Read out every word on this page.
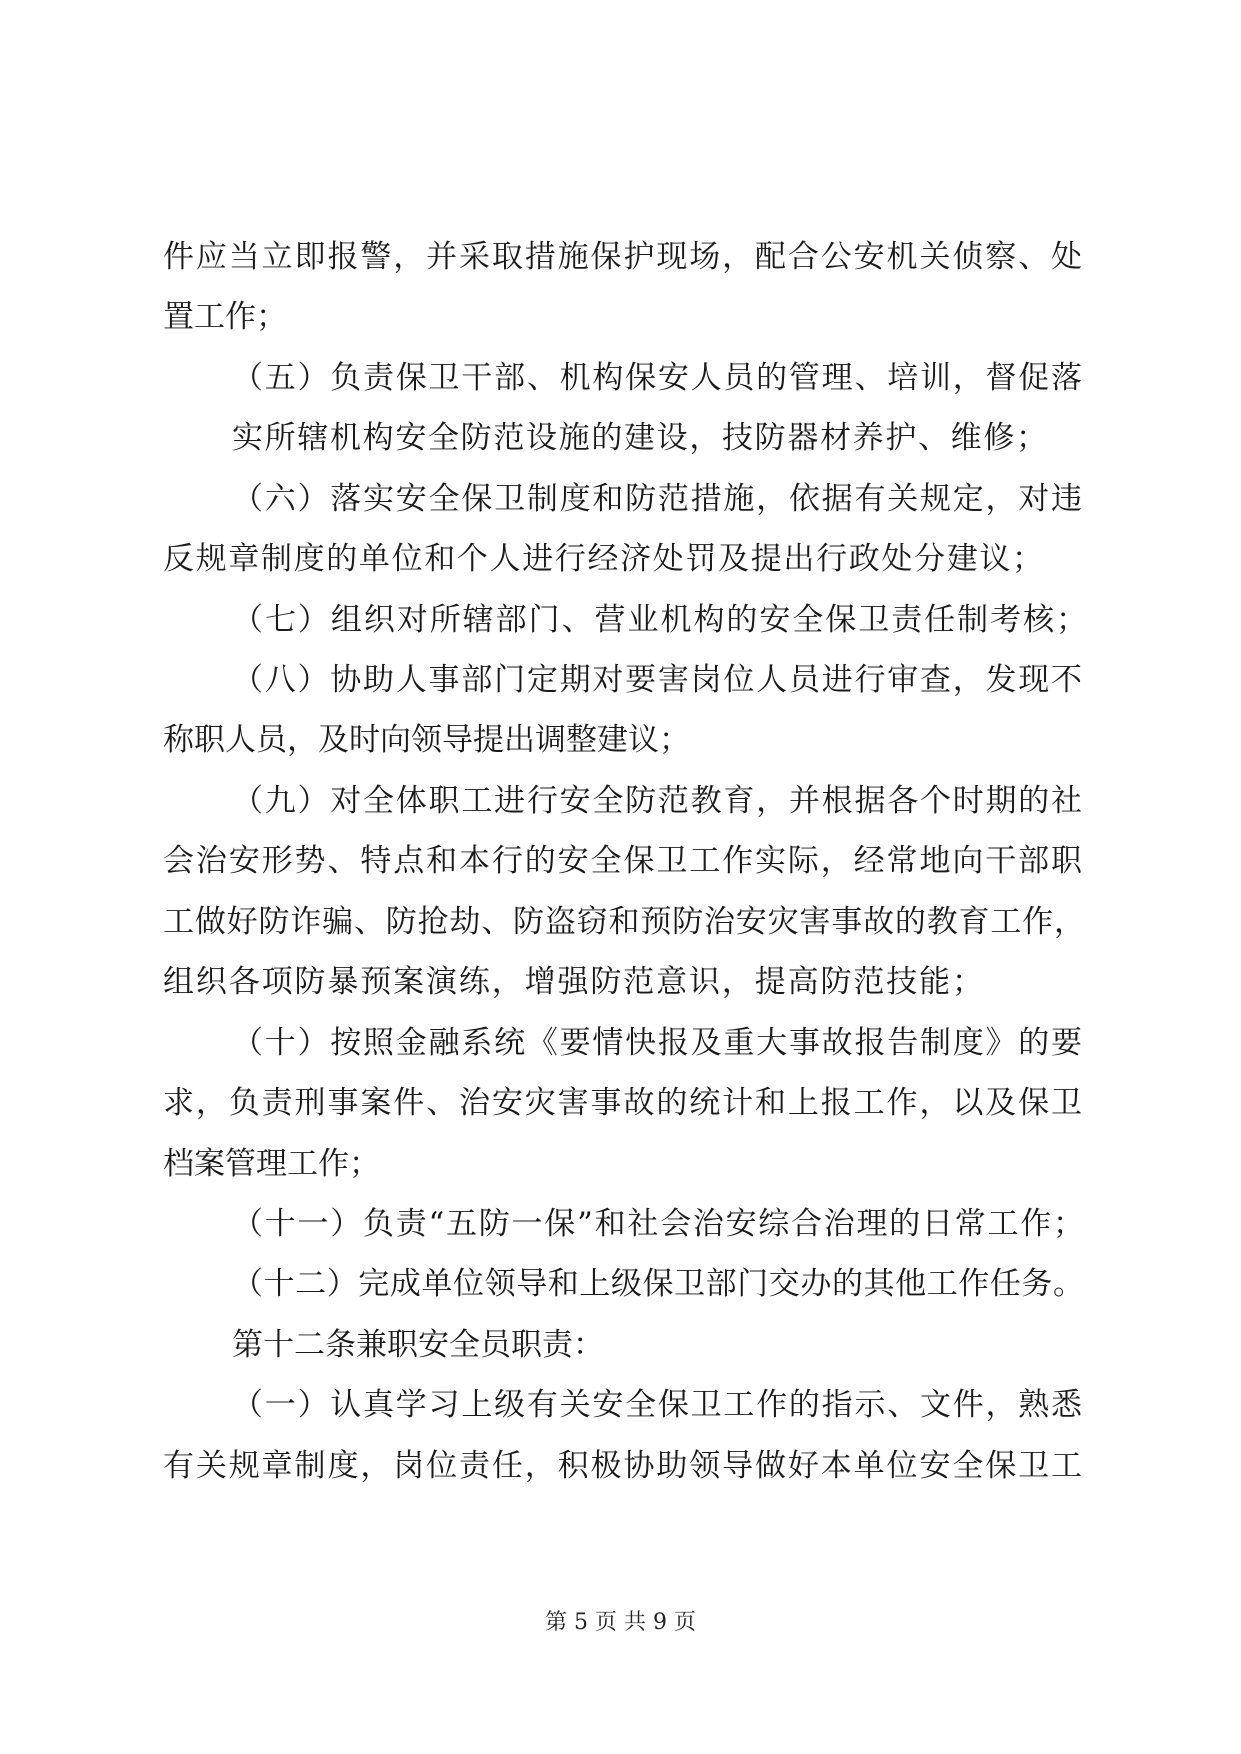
件应当立即报警，并采取措施保护现场，配合公安机关侦察、处
置工作；
（五）负责保卫干部、机构保安人员的管理、培训，督促落
实所辖机构安全防范设施的建设，技防器材养护、维修；
（六）落实安全保卫制度和防范措施，依据有关规定，对违
反规章制度的单位和个人进行经济处罚及提出行政处分建议；
（七）组织对所辖部门、营业机构的安全保卫责任制考核；
（八）协助人事部门定期对要害岗位人员进行审查，发现不
称职人员，及时向领导提出调整建议；
（九）对全体职工进行安全防范教育，并根据各个时期的社
会治安形势、特点和本行的安全保卫工作实际，经常地向干部职
工做好防诈骗、防抢劫、防盗窃和预防治安灾害事故的教育工作，
组织各项防暴预案演练，增强防范意识，提高防范技能；
（十）按照金融系统《要情快报及重大事故报告制度》的要
求，负责刑事案件、治安灾害事故的统计和上报工作，以及保卫
档案管理工作；
（十一）负责“五防一保”和社会治安综合治理的日常工作；
（十二）完成单位领导和上级保卫部门交办的其他工作任务。
第十二条兼职安全员职责：
（一）认真学习上级有关安全保卫工作的指示、文件，熟悉
有关规章制度，岗位责任，积极协助领导做好本单位安全保卫工
第 5 页 共 9 页
